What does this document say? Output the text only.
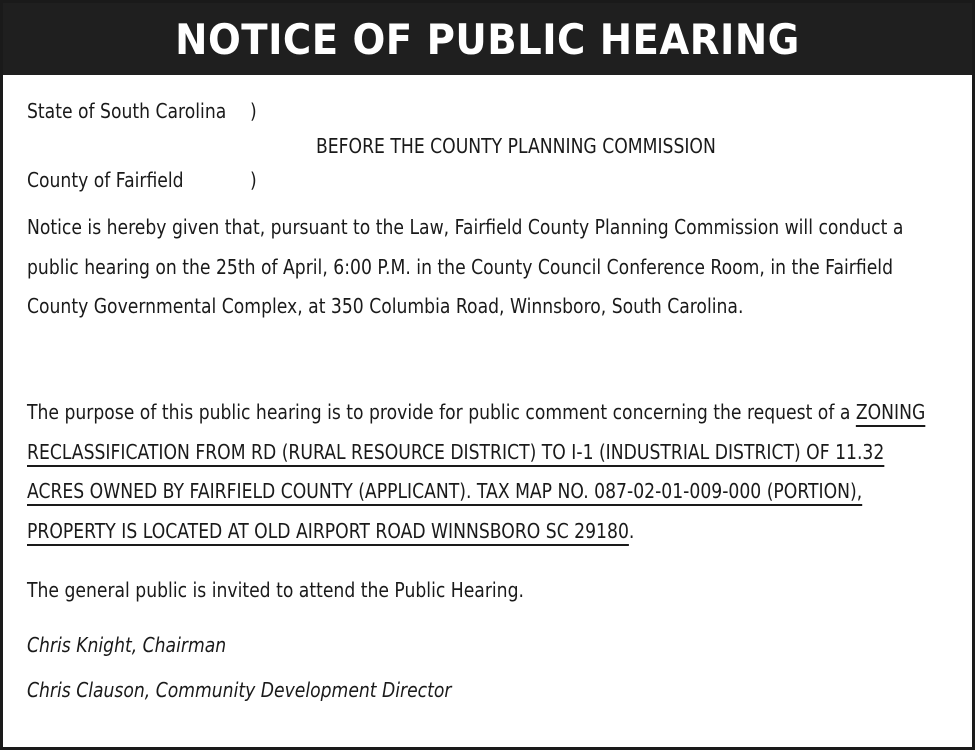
NOTICE OF PUBLIC HEARING
State of South Carolina )
BEFORE THE COUNTY PLANNING COMMISSION
County of Fairfield	)
Notice is hereby given that, pursuant to the Law, Fairfield County Planning Commission will conduct a public hearing on the 25th of April, 6:00 P.M. in the County Council Conference Room, in the Fairfield County Governmental Complex, at 350 Columbia Road, Winnsboro, South Carolina.
The purpose of this public hearing is to provide for public comment concerning the request of a ZONING RECLASSIFICATION FROM RD (RURAL RESOURCE DISTRICT) TO I-1 (INDUSTRIAL DISTRICT) OF 11.32 ACRES OWNED BY FAIRFIELD COUNTY (APPLICANT). TAX MAP NO. 087-02-01-009-000 (PORTION), PROPERTY IS LOCATED AT OLD AIRPORT ROAD WINNSBORO SC 29180.
The general public is invited to attend the Public Hearing.
Chris Knight, Chairman
Chris Clauson, Community Development Director
